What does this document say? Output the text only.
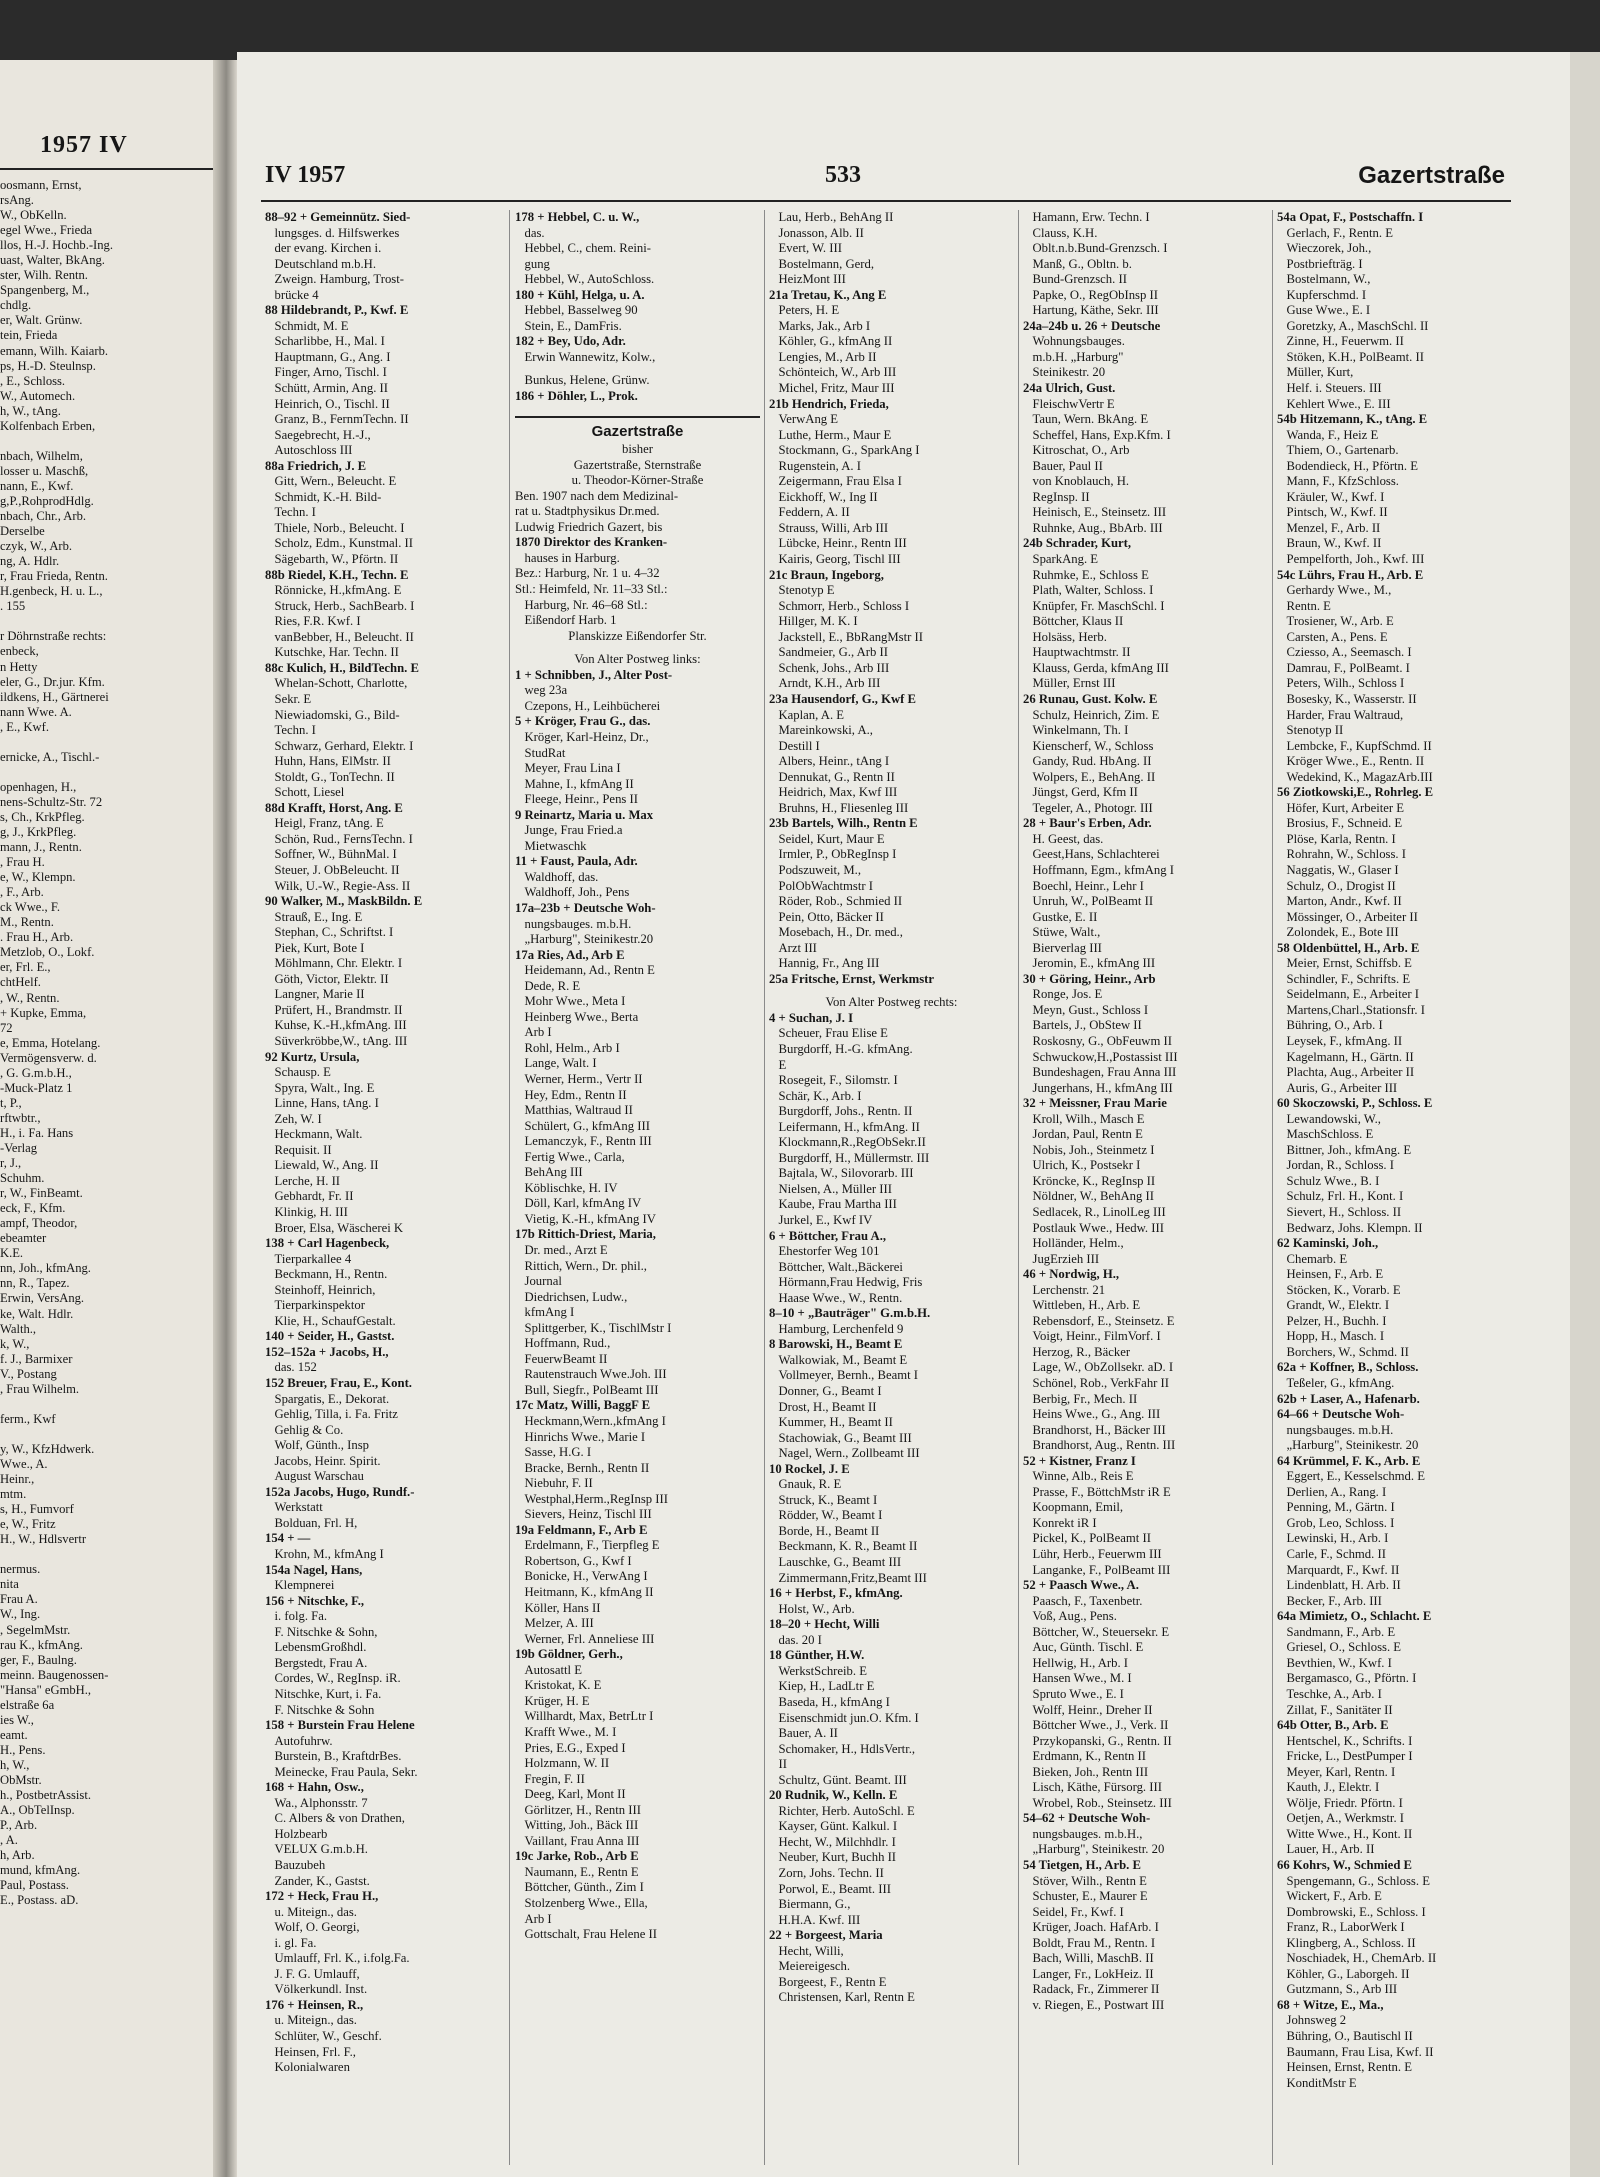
1957 IV
oosmann, Ernst,
rsAng.
W., ObKelln.
egel Wwe., Frieda
llos, H.-J. Hochb.-Ing.
uast, Walter, BkAng.
ster, Wilh. Rentn.
Spangenberg, M.,
chdlg.
er, Walt. Grünw.
tein, Frieda
emann, Wilh. Kaiarb.
ps, H.-D. Steulnsp.
, E., Schloss.
W., Automech.
h, W., tAng.
Kolfenbach Erben,

nbach, Wilhelm,
losser u. Maschß,
nann, E., Kwf.
g,P.,RohprodHdlg.
nbach, Chr., Arb.
Derselbe
czyk, W., Arb.
ng, A. Hdlr.
r, Frau Frieda, Rentn.
H.genbeck, H. u. L.,
. 155

r Döhrnstraße rechts:
enbeck,
n Hetty
eler, G., Dr.jur. Kfm.
ildkens, H., Gärtnerei
nann Wwe. A.
, E., Kwf.

ernicke, A., Tischl.-

openhagen, H.,
nens-Schultz-Str. 72
s, Ch., KrkPfleg.
g, J., KrkPfleg.
mann, J., Rentn.
, Frau H.
e, W., Klempn.
, F., Arb.
ck Wwe., F.
M., Rentn.
. Frau H., Arb.
Metzlob, O., Lokf.
er, Frl. E.,
chtHelf.
, W., Rentn.
+ Kupke, Emma,
72
e, Emma, Hotelang.
Vermögensverw. d.
, G. G.m.b.H.,
-Muck-Platz 1
t, P.,
rftwbtr.,
H., i. Fa. Hans
-Verlag
r, J.,
Schuhm.
r, W., FinBeamt.
eck, F., Kfm.
ampf, Theodor,
ebeamter
K.E.
nn, Joh., kfmAng.
nn, R., Tapez.
Erwin, VersAng.
ke, Walt. Hdlr.
Walth.,
k, W.,
f. J., Barmixer
V., Postang
, Frau Wilhelm.

ferm., Kwf

y, W., KfzHdwerk.
Wwe., A.
Heinr.,
mtm.
s, H., Fumvorf
e, W., Fritz
H., W., Hdlsvertr

nermus.
nita
Frau A.
W., Ing.
, SegelmMstr.
rau K., kfmAng.
ger, F., Baulng.
meinn. Baugenossen-
"Hansa" eGmbH.,
elstraße 6a
ies W.,
eamt.
H., Pens.
h, W.,
ObMstr.
h., PostbetrAssist.
A., ObTelInsp.
P., Arb.
, A.
h, Arb.
mund, kfmAng.
Paul, Postass.
E., Postass. aD.
IV 1957	533	Gazertstraße
88–92 + Gemeinnütz. Sied-
lungsges. d. Hilfswerkes
der evang. Kirchen i.
Deutschland m.b.H.
Zweign. Hamburg, Trost-
brücke 4
88 Hildebrandt, P., Kwf. E
Schmidt, M. E
Scharlibbe, H., Mal. I
Hauptmann, G., Ang. I
Finger, Arno, Tischl. I
Schütt, Armin, Ang. II
Heinrich, O., Tischl. II
Granz, B., FernmTechn. II
Saegebrecht, H.-J.,
Autoschloss III
88a Friedrich, J. E
Gitt, Wern., Beleucht. E
Schmidt, K.-H. Bild-
Techn. I
Thiele, Norb., Beleucht. I
Scholz, Edm., Kunstmal. II
Sägebarth, W., Pförtn. II
88b Riedel, K.H., Techn. E
Rönnicke, H.,kfmAng. E
Struck, Herb., SachBearb. I
Ries, F.R. Kwf. I
vanBebber, H., Beleucht. II
Kutschke, Har. Techn. II
88c Kulich, H., BildTechn. E
Whelan-Schott, Charlotte,
Sekr. E
Niewiadomski, G., Bild-
Techn. I
Schwarz, Gerhard, Elektr. I
Huhn, Hans, ElMstr. II
Stoldt, G., TonTechn. II
Schott, Liesel
88d Krafft, Horst, Ang. E
Heigl, Franz, tAng. E
Schön, Rud., FernsTechn. I
Soffner, W., BühnMal. I
Steuer, J. ObBeleucht. II
Wilk, U.-W., Regie-Ass. II
90 Walker, M., MaskBildn. E
Strauß, E., Ing. E
Stephan, C., Schriftst. I
Piek, Kurt, Bote I
Möhlmann, Chr. Elektr. I
Göth, Victor, Elektr. II
Langner, Marie II
Prüfert, H., Brandmstr. II
Kuhse, K.-H.,kfmAng. III
Süverkröbbe,W., tAng. III
92 Kurtz, Ursula,
Schausp. E
Spyra, Walt., Ing. E
Linne, Hans, tAng. I
Zeh, W. I
Heckmann, Walt.
Requisit. II
Liewald, W., Ang. II
Lerche, H. II
Gebhardt, Fr. II
Klinkig, H. III
Broer, Elsa, Wäscherei K
138 + Carl Hagenbeck,
Tierparkallee 4
Beckmann, H., Rentn.
Steinhoff, Heinrich,
Tierparkinspektor
Klie, H., SchaufGestalt.
140 + Seider, H., Gastst.
152–152a + Jacobs, H.,
das. 152
152 Breuer, Frau, E., Kont.
Spargatis, E., Dekorat.
Gehlig, Tilla, i. Fa. Fritz
Gehlig & Co.
Wolf, Günth., Insp
Jacobs, Heinr. Spirit.
August Warschau
152a Jacobs, Hugo, Rundf.-
Werkstatt
Bolduan, Frl. H,
154 + —
Krohn, M., kfmAng I
154a Nagel, Hans,
Klempnerei
156 + Nitschke, F.,
i. folg. Fa.
F. Nitschke & Sohn,
LebensmGroßhdl.
Bergstedt, Frau A.
Cordes, W., RegInsp. iR.
Nitschke, Kurt, i. Fa.
F. Nitschke & Sohn
158 + Burstein Frau Helene
Autofuhrw.
Burstein, B., KraftdrBes.
Meinecke, Frau Paula, Sekr.
168 + Hahn, Osw.,
Wa., Alphonsstr. 7
C. Albers & von Drathen,
Holzbearb
VELUX G.m.b.H.
Bauzubeh
Zander, K., Gastst.
172 + Heck, Frau H.,
u. Miteign., das.
Wolf, O. Georgi,
i. gl. Fa.
Umlauff, Frl. K., i.folg.Fa.
J. F. G. Umlauff,
Völkerkundl. Inst.
176 + Heinsen, R.,
u. Miteign., das.
Schlüter, W., Geschf.
Heinsen, Frl. F.,
Kolonialwaren
178 + Hebbel, C. u. W.,
das.
Hebbel, C., chem. Reini-
gung
Hebbel, W., AutoSchloss.
180 + Kühl, Helga, u. A.
Hebbel, Basselweg 90
Stein, E., DamFris.
182 + Bey, Udo, Adr.
Erwin Wannewitz, Kolw.,
Bunkus, Helene, Grünw.
186 + Döhler, L., Prok.
Gazertstraße
bisher
Gazertstraße, Sternstraße
u. Theodor-Körner-Straße
Ben. 1907 nach dem Medizinal-
rat u. Stadtphysikus Dr.med.
Ludwig Friedrich Gazert, bis
1870 Direktor des Kranken-
hauses in Harburg.
Bez.: Harburg, Nr. 1 u. 4–32
Stl.: Heimfeld, Nr. 11–33 Stl.:
Harburg, Nr. 46–68 Stl.:
Eißendorf Harb. 1
Planskizze Eißendorfer Str.
Von Alter Postweg links:
1 + Schnibben, J., Alter Post-
weg 23a
Czepons, H., Leihbücherei
5 + Kröger, Frau G., das.
Kröger, Karl-Heinz, Dr.,
StudRat
Meyer, Frau Lina I
Mahne, I., kfmAng II
Fleege, Heinr., Pens II
9 Reinartz, Maria u. Max
Junge, Frau Fried.a
Mietwaschk
11 + Faust, Paula, Adr.
Waldhoff, das.
Waldhoff, Joh., Pens
17a–23b + Deutsche Woh-
nungsbauges. m.b.H.
„Harburg", Steinikestr.20
17a Ries, Ad., Arb E
Heidemann, Ad., Rentn E
Dede, R. E
Mohr Wwe., Meta I
Heinberg Wwe., Berta
Arb I
Rohl, Helm., Arb I
Lange, Walt. I
Werner, Herm., Vertr II
Hey, Edm., Rentn II
Matthias, Waltraud II
Schülert, G., kfmAng III
Lemanczyk, F., Rentn III
Fertig Wwe., Carla,
BehAng III
Köblischke, H. IV
Döll, Karl, kfmAng IV
Vietig, K.-H., kfmAng IV
17b Rittich-Driest, Maria,
Dr. med., Arzt E
Rittich, Wern., Dr. phil.,
Journal
Diedrichsen, Ludw.,
kfmAng I
Splittgerber, K., TischlMstr I
Hoffmann, Rud.,
FeuerwBeamt II
Rautenstrauch Wwe.Joh. III
Bull, Siegfr., PolBeamt III
17c Matz, Willi, BaggF E
Heckmann,Wern.,kfmAng I
Hinrichs Wwe., Marie I
Sasse, H.G. I
Bracke, Bernh., Rentn II
Niebuhr, F. II
Westphal,Herm.,RegInsp III
Sievers, Heinz, Tischl III
19a Feldmann, F., Arb E
Erdelmann, F., Tierpfleg E
Robertson, G., Kwf I
Bonicke, H., VerwAng I
Heitmann, K., kfmAng II
Köller, Hans II
Melzer, A. III
Werner, Frl. Anneliese III
19b Göldner, Gerh.,
Autosattl E
Kristokat, K. E
Krüger, H. E
Willhardt, Max, BetrLtr I
Krafft Wwe., M. I
Pries, E.G., Exped I
Holzmann, W. II
Fregin, F. II
Deeg, Karl, Mont II
Görlitzer, H., Rentn III
Witting, Joh., Bäck III
Vaillant, Frau Anna III
19c Jarke, Rob., Arb E
Naumann, E., Rentn E
Böttcher, Günth., Zim I
Stolzenberg Wwe., Ella,
Arb I
Gottschalt, Frau Helene II
Lau, Herb., BehAng II
Jonasson, Alb. II
Evert, W. III
Bostelmann, Gerd,
HeizMont III
21a Tretau, K., Ang E
Peters, H. E
Marks, Jak., Arb I
Köhler, G., kfmAng II
Lengies, M., Arb II
Schönteich, W., Arb III
Michel, Fritz, Maur III
21b Hendrich, Frieda,
VerwAng E
Luthe, Herm., Maur E
Stockmann, G., SparkAng I
Rugenstein, A. I
Zeigermann, Frau Elsa I
Eickhoff, W., Ing II
Feddern, A. II
Strauss, Willi, Arb III
Lübcke, Heinr., Rentn III
Kairis, Georg, Tischl III
21c Braun, Ingeborg,
Stenotyp E
Schmorr, Herb., Schloss I
Hillger, M. K. I
Jackstell, E., BbRangMstr II
Sandmeier, G., Arb II
Schenk, Johs., Arb III
Arndt, K.H., Arb III
23a Hausendorf, G., Kwf E
Kaplan, A. E
Mareinkowski, A.,
Destill I
Albers, Heinr., tAng I
Dennukat, G., Rentn II
Heidrich, Max, Kwf III
Bruhns, H., Fliesenleg III
23b Bartels, Wilh., Rentn E
Seidel, Kurt, Maur E
Irmler, P., ObRegInsp I
Podszuweit, M.,
PolObWachtmstr I
Röder, Rob., Schmied II
Pein, Otto, Bäcker II
Mosebach, H., Dr. med.,
Arzt III
Hannig, Fr., Ang III
25a Fritsche, Ernst, Werkmstr
Von Alter Postweg rechts:
4 + Suchan, J. I
Scheuer, Frau Elise E
Burgdorff, H.-G. kfmAng.
E
Rosegeit, F., Silomstr. I
Schär, K., Arb. I
Burgdorff, Johs., Rentn. II
Leifermann, H., kfmAng. II
Klockmann,R.,RegObSekr.II
Burgdorff, H., Müllermstr. III
Bajtala, W., Silovorarb. III
Nielsen, A., Müller III
Kaube, Frau Martha III
Jurkel, E., Kwf IV
6 + Böttcher, Frau A.,
Ehestorfer Weg 101
Böttcher, Walt.,Bäckerei
Hörmann,Frau Hedwig, Fris
Haase Wwe., W., Rentn.
8–10 + „Bauträger" G.m.b.H.
Hamburg, Lerchenfeld 9
8 Barowski, H., Beamt E
Walkowiak, M., Beamt E
Vollmeyer, Bernh., Beamt I
Donner, G., Beamt I
Drost, H., Beamt II
Kummer, H., Beamt II
Stachowiak, G., Beamt III
Nagel, Wern., Zollbeamt III
10 Rockel, J. E
Gnauk, R. E
Struck, K., Beamt I
Rödder, W., Beamt I
Borde, H., Beamt II
Beckmann, K. R., Beamt II
Lauschke, G., Beamt III
Zimmermann,Fritz,Beamt III
16 + Herbst, F., kfmAng.
Holst, W., Arb.
18–20 + Hecht, Willi
das. 20 I
18 Günther, H.W.
WerkstSchreib. E
Kiep, H., LadLtr E
Baseda, H., kfmAng I
Eisenschmidt jun.O. Kfm. I
Bauer, A. II
Schomaker, H., HdlsVertr.,
II
Schultz, Günt. Beamt. III
20 Rudnik, W., Kelln. E
Richter, Herb. AutoSchl. E
Kayser, Günt. Kalkul. I
Hecht, W., Milchhdlr. I
Neuber, Kurt, Buchh II
Zorn, Johs. Techn. II
Porwol, E., Beamt. III
Biermann, G.,
H.H.A. Kwf. III
22 + Borgeest, Maria
Hecht, Willi,
Meiereigesch.
Borgeest, F., Rentn E
Christensen, Karl, Rentn E
Hamann, Erw. Techn. I
Clauss, K.H.
Oblt.n.b.Bund-Grenzsch. I
Manß, G., Obltn. b.
Bund-Grenzsch. II
Papke, O., RegObInsp II
Hartung, Käthe, Sekr. III
24a–24b u. 26 + Deutsche
Wohnungsbauges.
m.b.H. „Harburg"
Steinikestr. 20
24a Ulrich, Gust.
FleischwVertr E
Taun, Wern. BkAng. E
Scheffel, Hans, Exp.Kfm. I
Kitroschat, O., Arb
Bauer, Paul II
von Knoblauch, H.
RegInsp. II
Heinisch, E., Steinsetz. III
Ruhnke, Aug., BbArb. III
24b Schrader, Kurt,
SparkAng. E
Ruhmke, E., Schloss E
Plath, Walter, Schloss. I
Knüpfer, Fr. MaschSchl. I
Böttcher, Klaus II
Holsäss, Herb.
Hauptwachtmstr. II
Klauss, Gerda, kfmAng III
Müller, Ernst III
26 Runau, Gust. Kolw. E
Schulz, Heinrich, Zim. E
Winkelmann, Th. I
Kienscherf, W., Schloss
Gandy, Rud. HbAng. II
Wolpers, E., BehAng. II
Jüngst, Gerd, Kfm II
Tegeler, A., Photogr. III
28 + Baur's Erben, Adr.
H. Geest, das.
Geest,Hans, Schlachterei
Hoffmann, Egm., kfmAng I
Boechl, Heinr., Lehr I
Unruh, W., PolBeamt II
Gustke, E. II
Stüwe, Walt.,
Bierverlag III
Jeromin, E., kfmAng III
30 + Göring, Heinr., Arb
Ronge, Jos. E
Meyn, Gust., Schloss I
Bartels, J., ObStew II
Roskosny, G., ObFeuwm II
Schwuckow,H.,Postassist III
Bundeshagen, Frau Anna III
Jungerhans, H., kfmAng III
32 + Meissner, Frau Marie
Kroll, Wilh., Masch E
Jordan, Paul, Rentn E
Nobis, Joh., Steinmetz I
Ulrich, K., Postsekr I
Kröncke, K., RegInsp II
Nöldner, W., BehAng II
Sedlacek, R., LinolLeg III
Postlauk Wwe., Hedw. III
Holländer, Helm.,
JugErzieh III
46 + Nordwig, H.,
Lerchenstr. 21
Wittleben, H., Arb. E
Rebensdorf, E., Steinsetz. E
Voigt, Heinr., FilmVorf. I
Herzog, R., Bäcker
Lage, W., ObZollsekr. aD. I
Schönel, Rob., VerkFahr II
Berbig, Fr., Mech. II
Heins Wwe., G., Ang. III
Brandhorst, H., Bäcker III
Brandhorst, Aug., Rentn. III
52 + Kistner, Franz I
Winne, Alb., Reis E
Prasse, F., BöttchMstr iR E
Koopmann, Emil,
Konrekt iR I
Pickel, K., PolBeamt II
Lühr, Herb., Feuerwm III
Langanke, F., PolBeamt III
52 + Paasch Wwe., A.
Paasch, F., Taxenbetr.
Voß, Aug., Pens.
Böttcher, W., Steuersekr. E
Auc, Günth. Tischl. E
Hellwig, H., Arb. I
Hansen Wwe., M. I
Spruto Wwe., E. I
Wolff, Heinr., Dreher II
Böttcher Wwe., J., Verk. II
Przykopanski, G., Rentn. II
Erdmann, K., Rentn II
Bieken, Joh., Rentn III
Lisch, Käthe, Fürsorg. III
Wrobel, Rob., Steinsetz. III
54–62 + Deutsche Woh-
nungsbauges. m.b.H.,
„Harburg", Steinikestr. 20
54 Tietgen, H., Arb. E
Stöver, Wilh., Rentn E
Schuster, E., Maurer E
Seidel, Fr., Kwf. I
Krüger, Joach. HafArb. I
Boldt, Frau M., Rentn. I
Bach, Willi, MaschB. II
Langer, Fr., LokHeiz. II
Radack, Fr., Zimmerer II
v. Riegen, E., Postwart III
54a Opat, F., Postschaffn. I
Gerlach, F., Rentn. E
Wieczorek, Joh.,
Postbriefträg. I
Bostelmann, W.,
Kupferschmd. I
Guse Wwe., E. I
Goretzky, A., MaschSchl. II
Zinne, H., Feuerwm. II
Stöken, K.H., PolBeamt. II
Müller, Kurt,
Helf. i. Steuers. III
Kehlert Wwe., E. III
54b Hitzemann, K., tAng. E
Wanda, F., Heiz E
Thiem, O., Gartenarb.
Bodendieck, H., Pförtn. E
Mann, F., KfzSchloss.
Kräuler, W., Kwf. I
Pintsch, W., Kwf. II
Menzel, F., Arb. II
Braun, W., Kwf. II
Pempelforth, Joh., Kwf. III
54c Lührs, Frau H., Arb. E
Gerhardy Wwe., M.,
Rentn. E
Trosiener, W., Arb. E
Carsten, A., Pens. E
Cziesso, A., Seemasch. I
Damrau, F., PolBeamt. I
Peters, Wilh., Schloss I
Bosesky, K., Wasserstr. II
Harder, Frau Waltraud,
Stenotyp II
Lembcke, F., KupfSchmd. II
Kröger Wwe., E., Rentn. II
Wedekind, K., MagazArb.III
56 Ziotkowski,E., Rohrleg. E
Höfer, Kurt, Arbeiter E
Brosius, F., Schneid. E
Plöse, Karla, Rentn. I
Rohrahn, W., Schloss. I
Naggatis, W., Glaser I
Schulz, O., Drogist II
Marton, Andr., Kwf. II
Mössinger, O., Arbeiter II
Zolondek, E., Bote III
58 Oldenbüttel, H., Arb. E
Meier, Ernst, Schiffsb. E
Schindler, F., Schrifts. E
Seidelmann, E., Arbeiter I
Martens,Charl.,Stationsfr. I
Bühring, O., Arb. I
Leysek, F., kfmAng. II
Kagelmann, H., Gärtn. II
Plachta, Aug., Arbeiter II
Auris, G., Arbeiter III
60 Skoczowski, P., Schloss. E
Lewandowski, W.,
MaschSchloss. E
Bittner, Joh., kfmAng. E
Jordan, R., Schloss. I
Schulz Wwe., B. I
Schulz, Frl. H., Kont. I
Sievert, H., Schloss. II
Bedwarz, Johs. Klempn. II
62 Kaminski, Joh.,
Chemarb. E
Heinsen, F., Arb. E
Stöcken, K., Vorarb. E
Grandt, W., Elektr. I
Pelzer, H., Buchh. I
Hopp, H., Masch. I
Borchers, W., Schmd. II
62a + Koffner, B., Schloss.
Teßeler, G., kfmAng.
62b + Laser, A., Hafenarb.
64–66 + Deutsche Woh-
nungsbauges. m.b.H.
„Harburg", Steinikestr. 20
64 Krümmel, F. K., Arb. E
Eggert, E., Kesselschmd. E
Derlien, A., Rang. I
Penning, M., Gärtn. I
Grob, Leo, Schloss. I
Lewinski, H., Arb. I
Carle, F., Schmd. II
Marquardt, F., Kwf. II
Lindenblatt, H. Arb. II
Becker, F., Arb. III
64a Mimietz, O., Schlacht. E
Sandmann, F., Arb. E
Griesel, O., Schloss. E
Bevthien, W., Kwf. I
Bergamasco, G., Pförtn. I
Teschke, A., Arb. I
Zillat, F., Sanitäter II
64b Otter, B., Arb. E
Hentschel, K., Schrifts. I
Fricke, L., DestPumper I
Meyer, Karl, Rentn. I
Kauth, J., Elektr. I
Wölje, Friedr. Pförtn. I
Oetjen, A., Werkmstr. I
Witte Wwe., H., Kont. II
Lauer, H., Arb. II
66 Kohrs, W., Schmied E
Spengemann, G., Schloss. E
Wickert, F., Arb. E
Dombrowski, E., Schloss. I
Franz, R., LaborWerk I
Klingberg, A., Schloss. II
Noschiadek, H., ChemArb. II
Köhler, G., Laborgeh. II
Gutzmann, S., Arb III
68 + Witze, E., Ma.,
Johnsweg 2
Bühring, O., Bautischl II
Baumann, Frau Lisa, Kwf. II
Heinsen, Ernst, Rentn. E
KonditMstr E
